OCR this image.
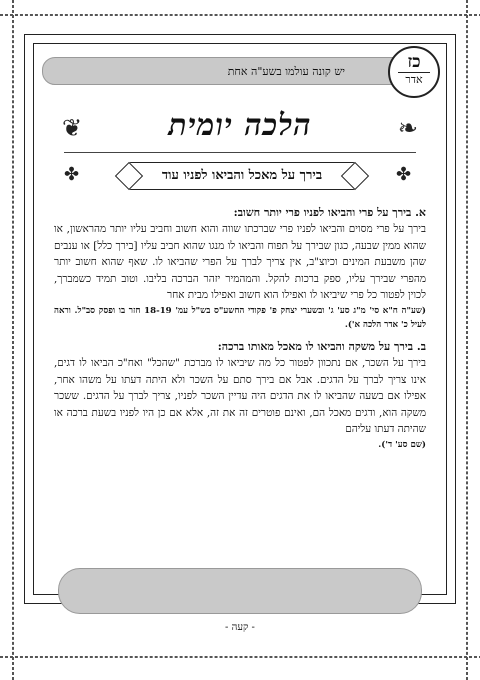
יש קונה עולמו בשע"ה אחת	כז
אדר
❦	הלכה יומית	❧
✤	✤
בירך על מאכל והביאו לפניו עוד

א. בירך על פרי והביאו לפניו פרי יותר חשוב:

בירך על פרי מסוים והביאו לפניו פרי שברכתו שווה והוא חשוב וחביב עליו יותר מהראשון, או שהוא ממין שבעה, כגון שבירך על תפוח והביאו לו מנגו שהוא חביב עליו [בירך כלל] או ענבים שהן משבעת המינים וכיוצ"ב, אין צריך לברך על הפרי שהביאו לו. שאף שהוא חשוב יותר מהפרי שבירך עליו, ספק ברכות להקל. והמהמיר יזהר הברכה בליבו. וטוב תמיד כשמברך, לכוין לפטור כל פרי שיביאו לו ואפילו הוא חשוב ואפילו מבית אחר

(שע"ה ח"א סי' מ"ג סע' ג' ובשערי יצחק פ' פקודי החשע"ס בש"ל עמ' 18-19 חזר בו ופסק סב"ל. וראה לעיל כ' אדר הלכה א').

ב. בירך על משקה והביאו לו מאכל מאותו ברכה:

בירך על השכר, אם נתכוון לפטור כל מה שיביאו לו מברכת "שהכל" ואח"כ הביאו לו דגים, אינו צריך לברך על הדגים. אבל אם בירך סתם על השכר ולא היתה דעתו על משהו אחר, אפילו אם בשעה שהביאו לו את הדגים היה עדיין השכר לפניו, צריך לברך על הדגים. ששכר משקה הוא, ודגים מאכל הם, ואינם פוטרים זה את זה, אלא אם כן היו לפניו בשעת ברכה או שהיתה דעתו עליהם

(שם סע' ד').

- קעה -
